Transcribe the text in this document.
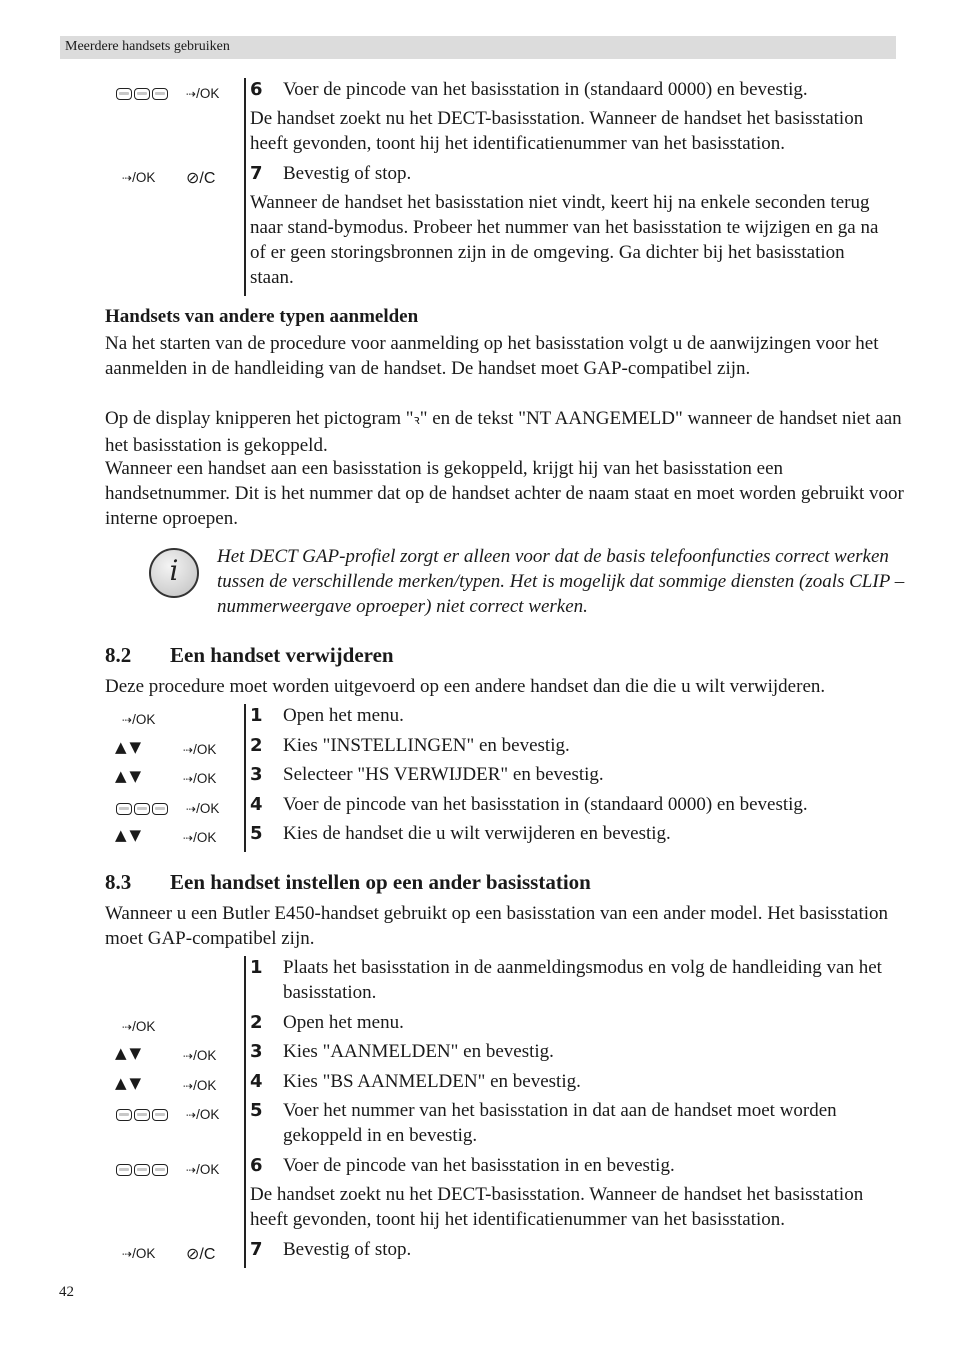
Meerdere handsets gebruiken
⇢/OK 6 Voer de pincode van het basisstation in (standaard 0000) en bevestig.
De handset zoekt nu het DECT-basisstation. Wanneer de handset het basisstation heeft gevonden, toont hij het identificatienummer van het basisstation.
⇢/OK ⊘/C 7 Bevestig of stop.
Wanneer de handset het basisstation niet vindt, keert hij na enkele seconden terug naar stand-bymodus. Probeer het nummer van het basisstation te wijzigen en ga na of er geen storingsbronnen zijn in de omgeving. Ga dichter bij het basisstation staan.
Handsets van andere typen aanmelden
Na het starten van de procedure voor aanmelding op het basisstation volgt u de aanwijzingen voor het aanmelden in de handleiding van de handset. De handset moet GAP-compatibel zijn.
Op de display knipperen het pictogram "ꝛ" en de tekst "NT AANGEMELD" wanneer de handset niet aan het basisstation is gekoppeld.
Wanneer een handset aan een basisstation is gekoppeld, krijgt hij van het basisstation een handsetnummer. Dit is het nummer dat op de handset achter de naam staat en moet worden gebruikt voor interne oproepen.
i	Het DECT GAP-profiel zorgt er alleen voor dat de basis telefoonfuncties correct werken tussen de verschillende merken/typen. Het is mogelijk dat sommige diensten (zoals CLIP – nummerweergave oproeper) niet correct werken.
8.2 Een handset verwijderen
Deze procedure moet worden uitgevoerd op een andere handset dan die die u wilt verwijderen.
⇢/OK	1 Open het menu.
▲▼	⇢/OK 2 Kies "INSTELLINGEN" en bevestig.
▲▼	⇢/OK 3 Selecteer "HS VERWIJDER" en bevestig.
⇢/OK 4 Voer de pincode van het basisstation in (standaard 0000) en bevestig.
▲▼	⇢/OK 5 Kies de handset die u wilt verwijderen en bevestig.
8.3 Een handset instellen op een ander basisstation
Wanneer u een Butler E450-handset gebruikt op een basisstation van een ander model. Het basisstation moet GAP-compatibel zijn.
1 Plaats het basisstation in de aanmeldingsmodus en volg de handleiding van het basisstation.
⇢/OK	2 Open het menu.
▲▼	⇢/OK 3 Kies "AANMELDEN" en bevestig.
▲▼	⇢/OK 4 Kies "BS AANMELDEN" en bevestig.
⇢/OK 5 Voer het nummer van het basisstation in dat aan de handset moet worden gekoppeld in en bevestig.
⇢/OK 6 Voer de pincode van het basisstation in en bevestig.
De handset zoekt nu het DECT-basisstation. Wanneer de handset het basisstation heeft gevonden, toont hij het identificatienummer van het basisstation.
⇢/OK ⊘/C 7 Bevestig of stop.
42
